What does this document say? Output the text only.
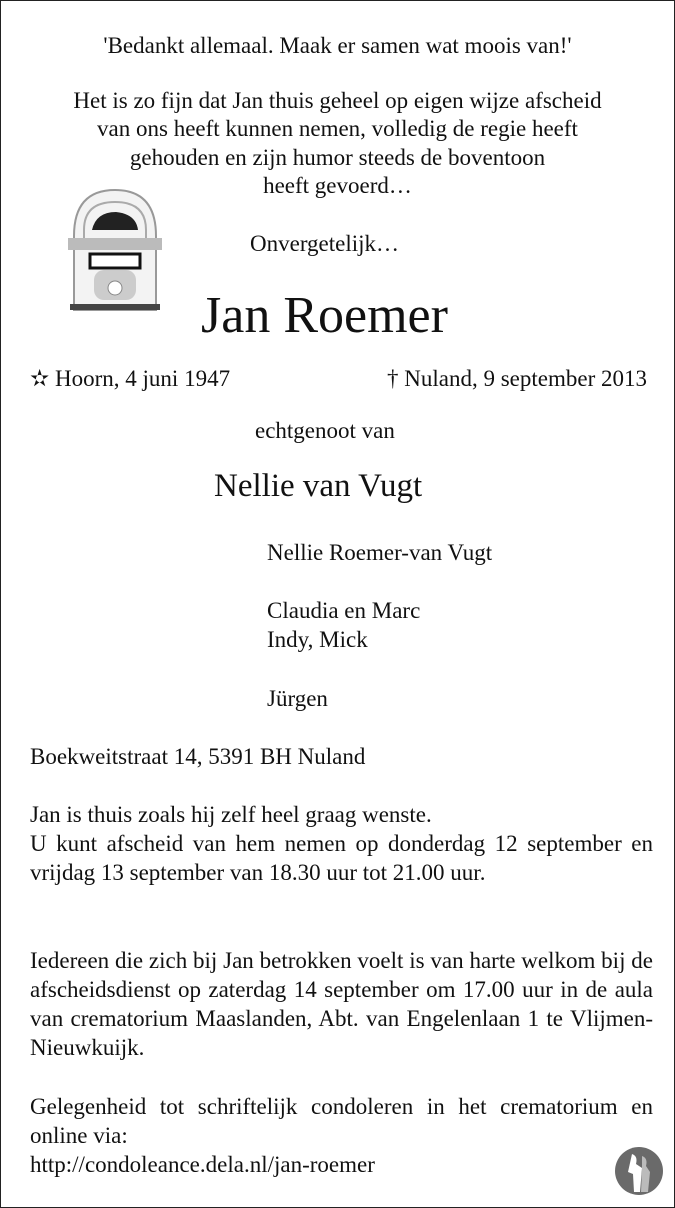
'Bedankt allemaal. Maak er samen wat moois van!'
Het is zo fijn dat Jan thuis geheel op eigen wijze afscheid
van ons heeft kunnen nemen, volledig de regie heeft
gehouden en zijn humor steeds de boventoon
heeft gevoerd…
Onvergetelijk…
Jan Roemer
✫ Hoorn, 4 juni 1947	† Nuland, 9 september 2013
echtgenoot van
Nellie van Vugt
Nellie Roemer-van Vugt
Claudia en Marc
Indy, Mick
Jürgen
Boekweitstraat 14, 5391 BH Nuland
Jan is thuis zoals hij zelf heel graag wenste.
U kunt afscheid van hem nemen op donderdag 12 september en vrijdag 13 september van 18.30 uur tot 21.00 uur.
Iedereen die zich bij Jan betrokken voelt is van harte welkom bij de afscheidsdienst op zaterdag 14 september om 17.00 uur in de aula van crematorium Maaslanden, Abt. van Engelenlaan 1 te Vlijmen-Nieuwkuijk.
Gelegenheid tot schriftelijk condoleren in het crematorium en online via:
http://condoleance.dela.nl/jan-roemer
